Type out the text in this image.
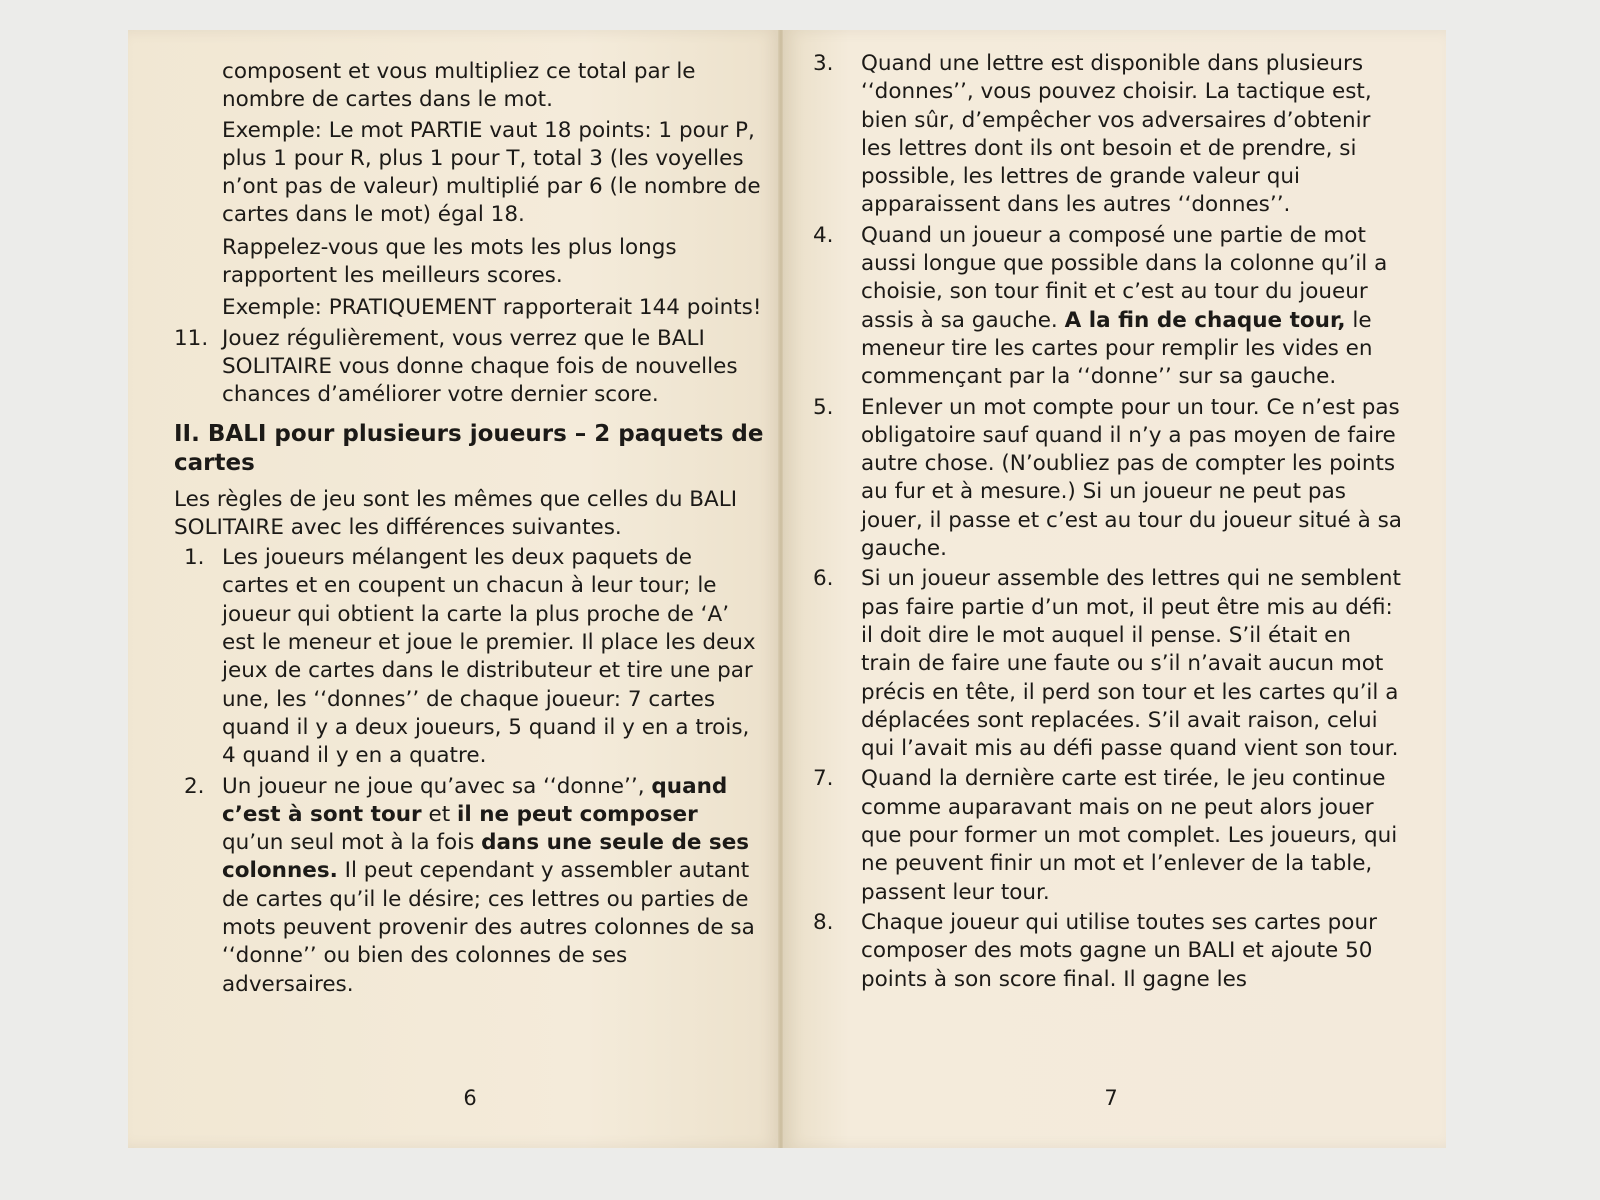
composent et vous multipliez ce total par le nombre de cartes dans le mot.

Exemple: Le mot PARTIE vaut 18 points: 1 pour P, plus 1 pour R, plus 1 pour T, total 3 (les voyelles n’ont pas de valeur) multiplié par 6 (le nombre de cartes dans le mot) égal 18.

Rappelez-vous que les mots les plus longs rapportent les meilleurs scores.

Exemple: PRATIQUEMENT rapporterait 144 points!

11. Jouez régulièrement, vous verrez que le BALI SOLITAIRE vous donne chaque fois de nouvelles chances d’améliorer votre dernier score.

II. BALI pour plusieurs joueurs – 2 paquets de cartes

Les règles de jeu sont les mêmes que celles du BALI SOLITAIRE avec les différences suivantes.

1. Les joueurs mélangent les deux paquets de cartes et en coupent un chacun à leur tour; le joueur qui obtient la carte la plus proche de ‘A’ est le meneur et joue le premier. Il place les deux jeux de cartes dans le distributeur et tire une par une, les ‘‘donnes’’ de chaque joueur: 7 cartes quand il y a deux joueurs, 5 quand il y en a trois, 4 quand il y en a quatre.
2. Un joueur ne joue qu’avec sa ‘‘donne’’, quand c’est à sont tour et il ne peut composer qu’un seul mot à la fois dans une seule de ses colonnes. Il peut cependant y assembler autant de cartes qu’il le désire; ces lettres ou parties de mots peuvent provenir des autres colonnes de sa ‘‘donne’’ ou bien des colonnes de ses adversaires.
6
3.	Quand une lettre est disponible dans plusieurs ‘‘donnes’’, vous pouvez choisir. La tactique est, bien sûr, d’empêcher vos adversaires d’obtenir les lettres dont ils ont besoin et de prendre, si possible, les lettres de grande valeur qui apparaissent dans les autres ‘‘donnes’’.
4.	Quand un joueur a composé une partie de mot aussi longue que possible dans la colonne qu’il a choisie, son tour finit et c’est au tour du joueur assis à sa gauche. A la fin de chaque tour, le meneur tire les cartes pour remplir les vides en commençant par la ‘‘donne’’ sur sa gauche.
5.	Enlever un mot compte pour un tour. Ce n’est pas obligatoire sauf quand il n’y a pas moyen de faire autre chose. (N’oubliez pas de compter les points au fur et à mesure.) Si un joueur ne peut pas jouer, il passe et c’est au tour du joueur situé à sa gauche.
6.	Si un joueur assemble des lettres qui ne semblent pas faire partie d’un mot, il peut être mis au défi: il doit dire le mot auquel il pense. S’il était en train de faire une faute ou s’il n’avait aucun mot précis en tête, il perd son tour et les cartes qu’il a déplacées sont replacées. S’il avait raison, celui qui l’avait mis au défi passe quand vient son tour.
7.	Quand la dernière carte est tirée, le jeu continue comme auparavant mais on ne peut alors jouer que pour former un mot complet. Les joueurs, qui ne peuvent finir un mot et l’enlever de la table, passent leur tour.
8.	Chaque joueur qui utilise toutes ses cartes pour composer des mots gagne un BALI et ajoute 50 points à son score final. Il gagne les
7
